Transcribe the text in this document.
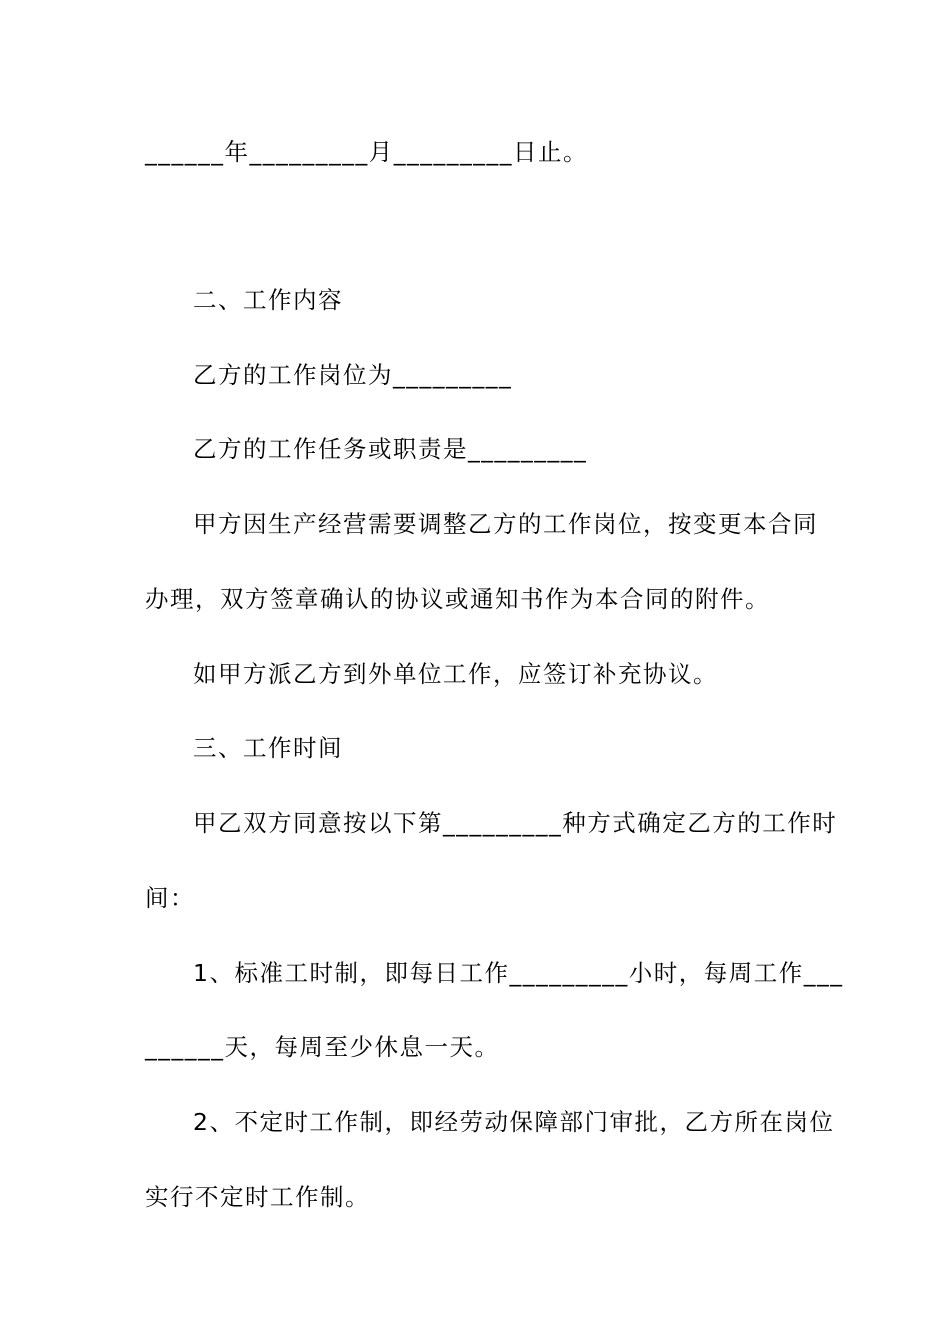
______年_________月_________日止。
二、工作内容
乙方的工作岗位为_________
乙方的工作任务或职责是_________
甲方因生产经营需要调整乙方的工作岗位，按变更本合同
办理，双方签章确认的协议或通知书作为本合同的附件。
如甲方派乙方到外单位工作，应签订补充协议。
三、工作时间
甲乙双方同意按以下第_________种方式确定乙方的工作时
间：
1、标准工时制，即每日工作_________小时，每周工作___
______天，每周至少休息一天。
2、不定时工作制，即经劳动保障部门审批，乙方所在岗位
实行不定时工作制。
